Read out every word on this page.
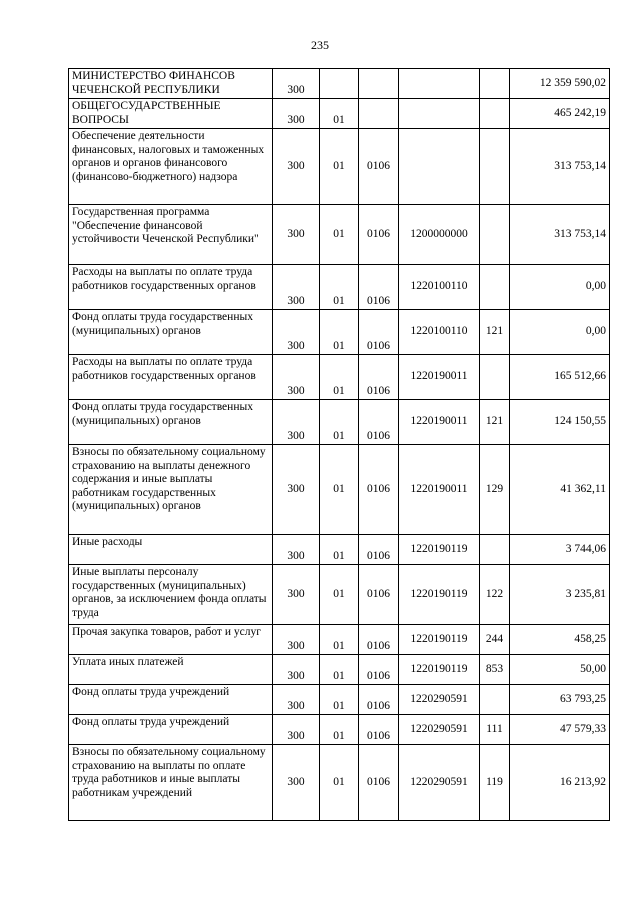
235
МИНИСТЕРСТВО ФИНАНСОВ ЧЕЧЕНСКОЙ РЕСПУБЛИКИ	300					12 359 590,02
ОБЩЕГОСУДАРСТВЕННЫЕ ВОПРОСЫ	300	01				465 242,19
Обеспечение деятельности финансовых, налоговых и таможенных органов и органов финансового (финансово-бюджетного) надзора	300	01	0106			313 753,14
Государственная программа "Обеспечение финансовой устойчивости Чеченской Республики"	300	01	0106	1200000000		313 753,14
Расходы на выплаты по оплате труда работников государственных органов	300	01	0106	1220100110		0,00
Фонд оплаты труда государственных (муниципальных) органов	300	01	0106	1220100110	121	0,00
Расходы на выплаты по оплате труда работников государственных органов	300	01	0106	1220190011		165 512,66
Фонд оплаты труда государственных (муниципальных) органов	300	01	0106	1220190011	121	124 150,55
Взносы по обязательному социальному страхованию на выплаты денежного содержания и иные выплаты работникам государственных (муниципальных) органов	300	01	0106	1220190011	129	41 362,11
Иные расходы	300	01	0106	1220190119		3 744,06
Иные выплаты персоналу государственных (муниципальных) органов, за исключением фонда оплаты труда	300	01	0106	1220190119	122	3 235,81
Прочая закупка товаров, работ и услуг	300	01	0106	1220190119	244	458,25
Уплата иных платежей	300	01	0106	1220190119	853	50,00
Фонд оплаты труда учреждений	300	01	0106	1220290591		63 793,25
Фонд оплаты труда учреждений	300	01	0106	1220290591	111	47 579,33
Взносы по обязательному социальному страхованию на выплаты по оплате труда работников и иные выплаты работникам учреждений	300	01	0106	1220290591	119	16 213,92
